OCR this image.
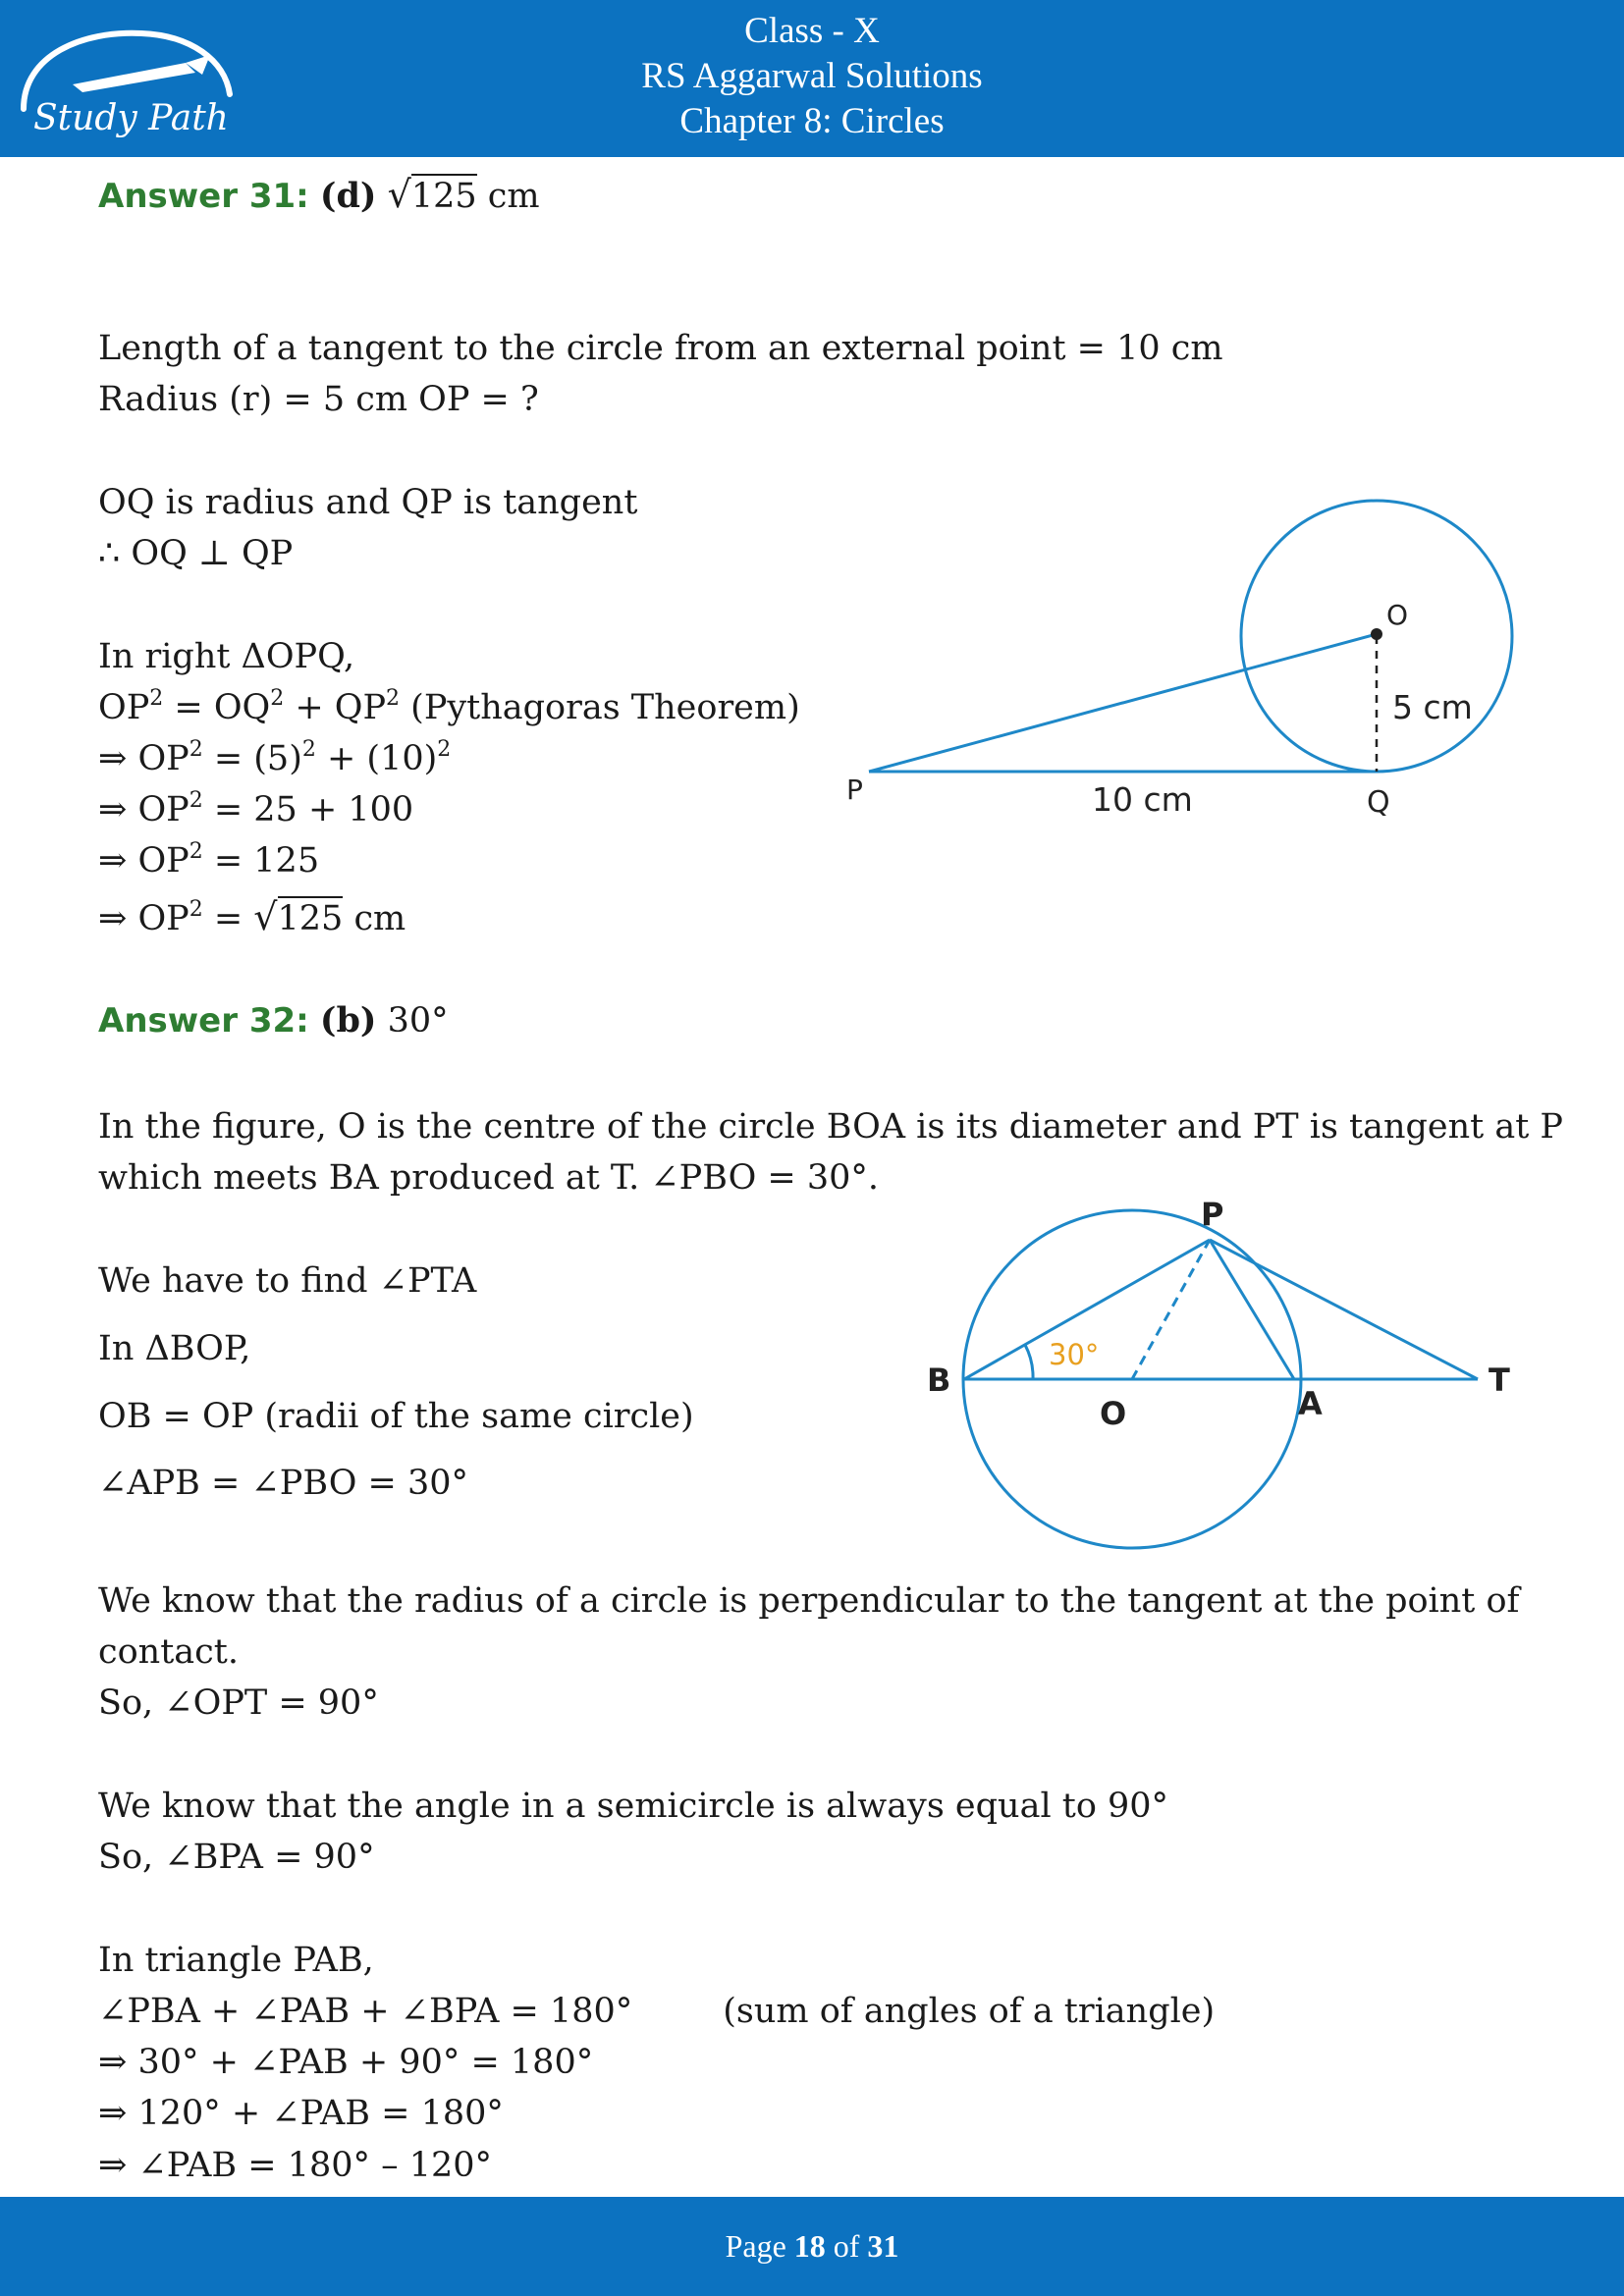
Study Path
Class - X
RS Aggarwal Solutions
Chapter 8: Circles
Answer 31: (d) √125 cm
Length of a tangent to the circle from an external point = 10 cm
Radius (r) = 5 cm OP = ?
OQ is radius and QP is tangent
∴ OQ ⊥ QP
In right ΔOPQ,
$OP^2 = OQ^2 + QP^2$ (Pythagoras Theorem)
⇒ $OP^2 = (5)^2 + (10)^2$
⇒ $OP^2 = 25 + 100$
⇒ $OP^2 = 125$
⇒ $OP^2 = √125$ cm
O
P	Q
10 cm
5 cm
Answer 32: (b) 30°
In the figure, O is the centre of the circle BOA is its diameter and PT is tangent at P
which meets BA produced at T. ∠PBO = 30°.
We have to find ∠PTA
In ΔBOP,
OB = OP (radii of the same circle)
∠APB = ∠PBO = 30°
We know that the radius of a circle is perpendicular to the tangent at the point of
contact.
So, ∠OPT = 90°
We know that the angle in a semicircle is always equal to 90°
So, ∠BPA = 90°
In triangle PAB,
∠PBA + ∠PAB + ∠BPA = 180°	(sum of angles of a triangle)
⇒ 30° + ∠PAB + 90° = 180°
⇒ 120° + ∠PAB = 180°
⇒ ∠PAB = 180° – 120°
30°
P
B
O	A
T
Page 18 of 31
